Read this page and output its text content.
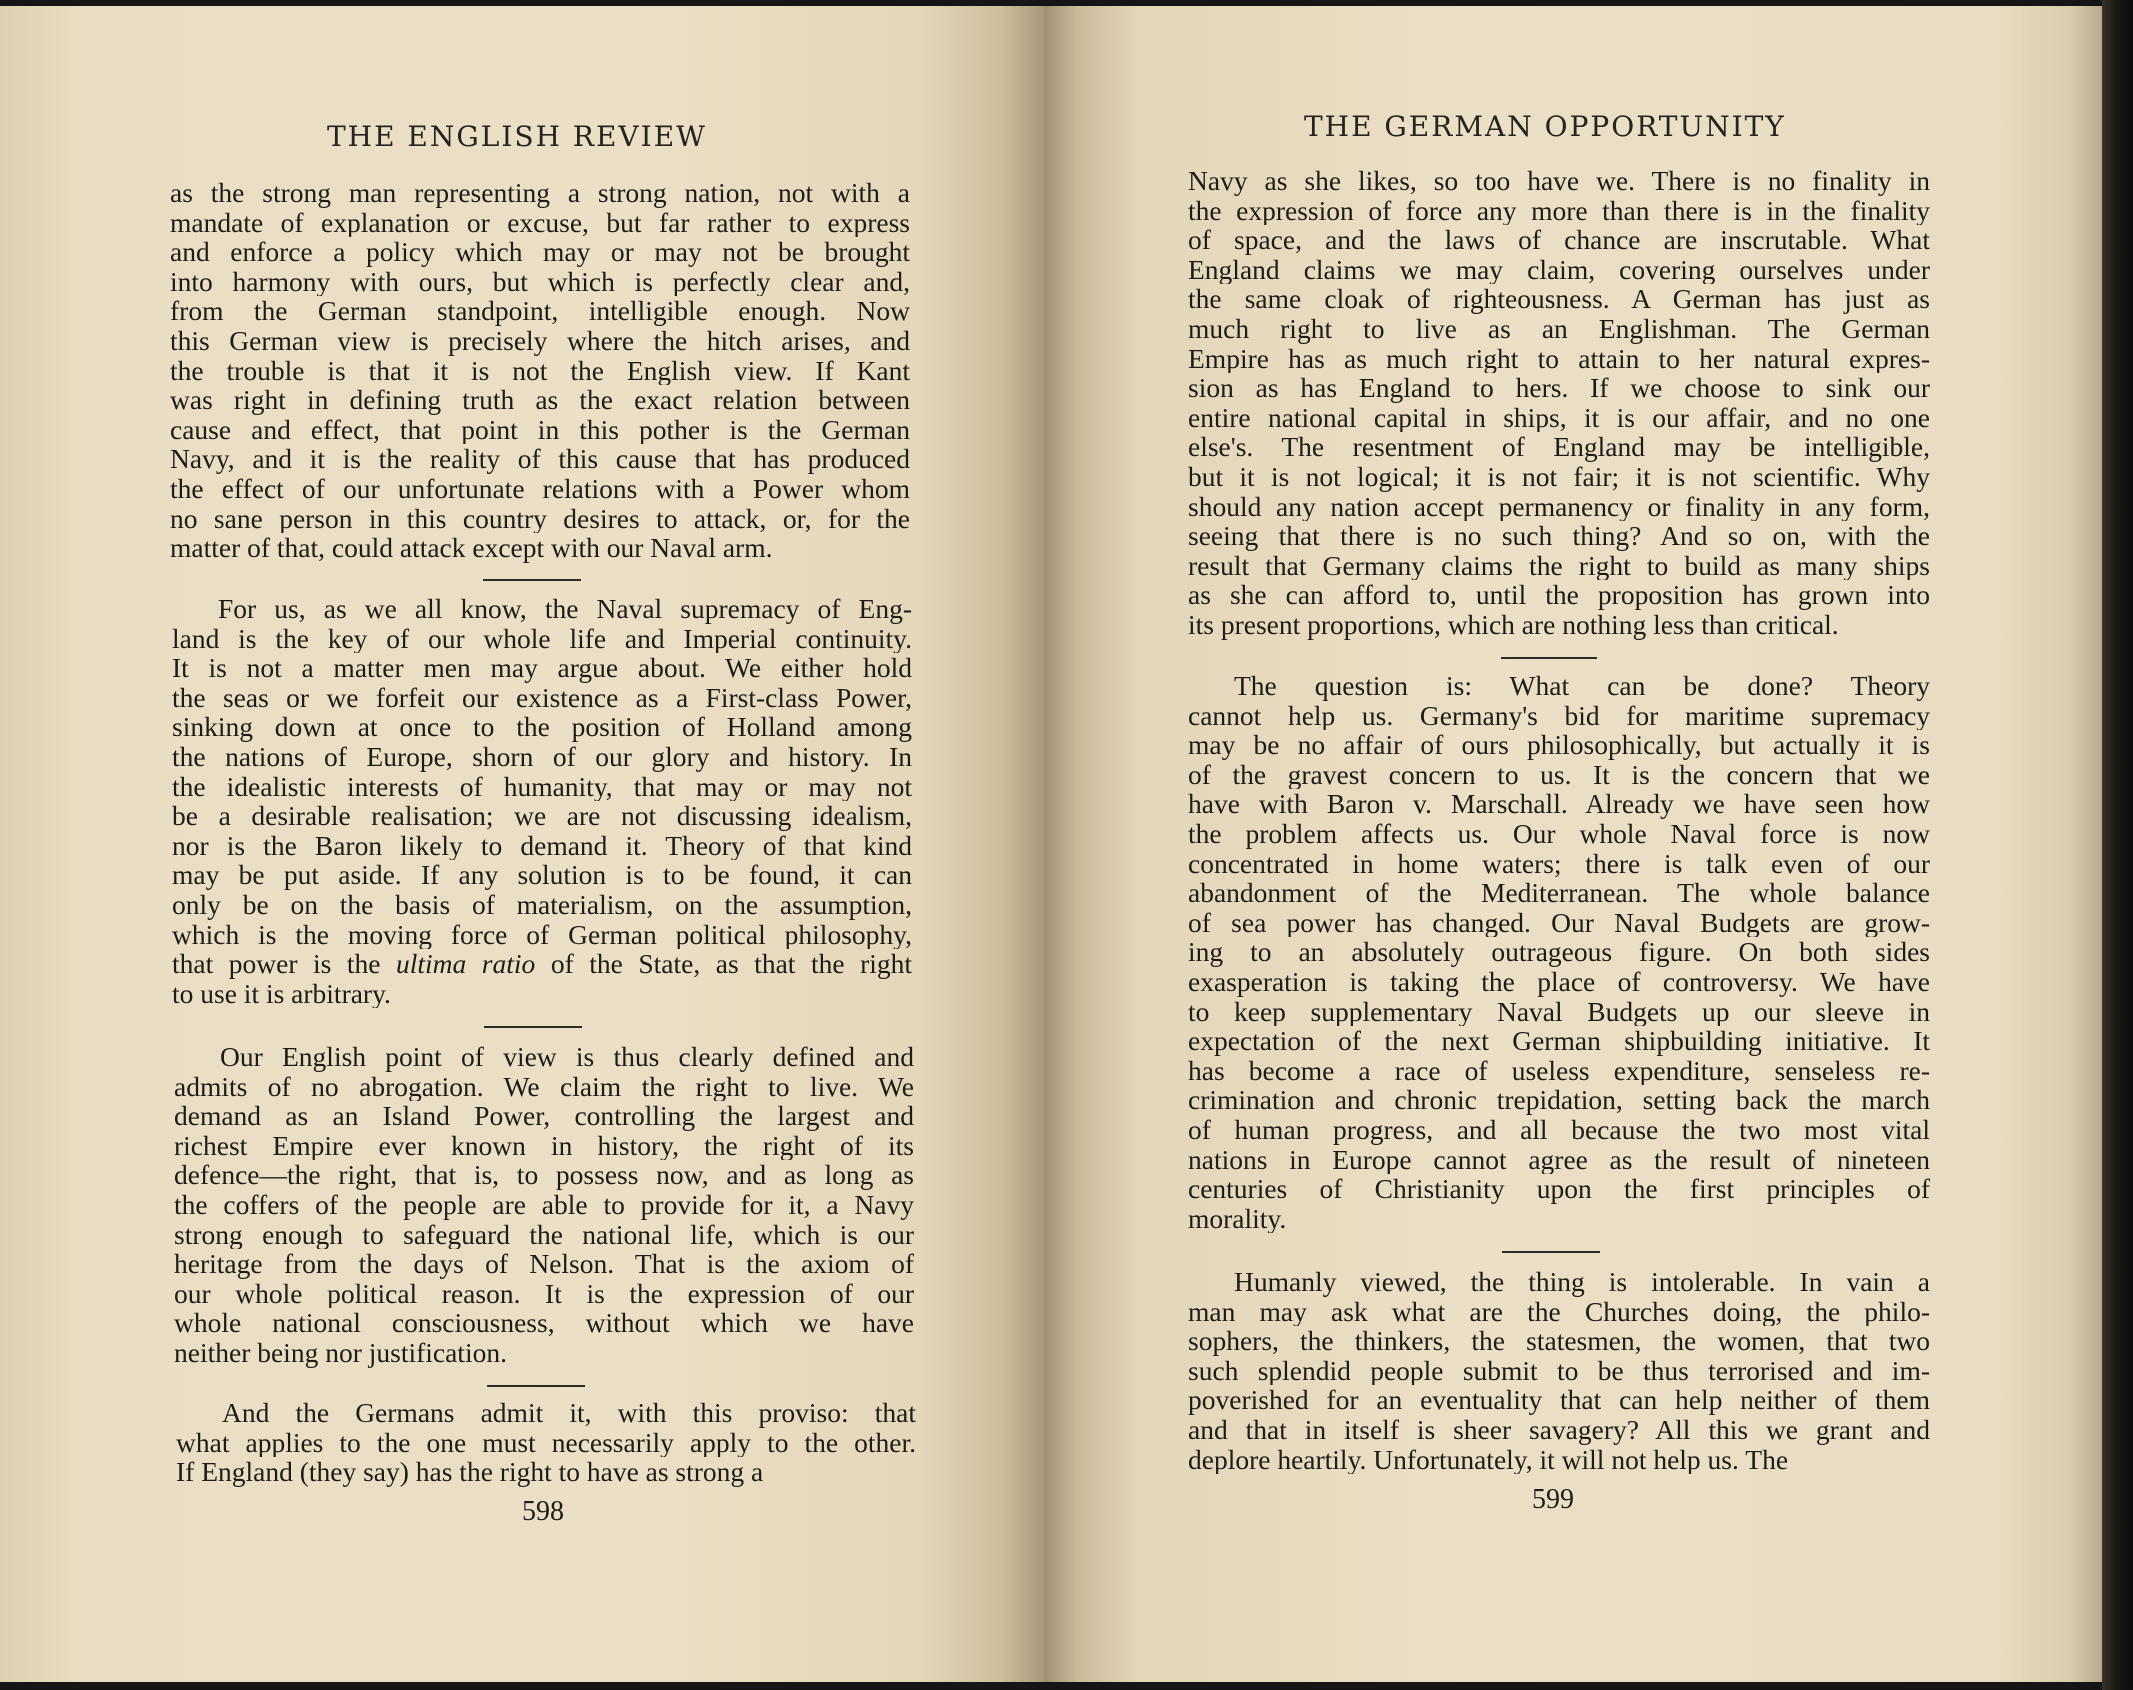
THE ENGLISH REVIEW
as the strong man representing a strong nation, not with a
mandate of explanation or excuse, but far rather to express
and enforce a policy which may or may not be brought
into harmony with ours, but which is perfectly clear and,
from the German standpoint, intelligible enough. Now
this German view is precisely where the hitch arises, and
the trouble is that it is not the English view. If Kant
was right in defining truth as the exact relation between
cause and effect, that point in this pother is the German
Navy, and it is the reality of this cause that has produced
the effect of our unfortunate relations with a Power whom
no sane person in this country desires to attack, or, for the
matter of that, could attack except with our Naval arm.
For us, as we all know, the Naval supremacy of Eng-
land is the key of our whole life and Imperial continuity.
It is not a matter men may argue about. We either hold
the seas or we forfeit our existence as a First-class Power,
sinking down at once to the position of Holland among
the nations of Europe, shorn of our glory and history. In
the idealistic interests of humanity, that may or may not
be a desirable realisation; we are not discussing idealism,
nor is the Baron likely to demand it. Theory of that kind
may be put aside. If any solution is to be found, it can
only be on the basis of materialism, on the assumption,
which is the moving force of German political philosophy,
that power is the ultima ratio of the State, as that the right
to use it is arbitrary.
Our English point of view is thus clearly defined and
admits of no abrogation. We claim the right to live. We
demand as an Island Power, controlling the largest and
richest Empire ever known in history, the right of its
defence—the right, that is, to possess now, and as long as
the coffers of the people are able to provide for it, a Navy
strong enough to safeguard the national life, which is our
heritage from the days of Nelson. That is the axiom of
our whole political reason. It is the expression of our
whole national consciousness, without which we have
neither being nor justification.
And the Germans admit it, with this proviso: that
what applies to the one must necessarily apply to the other.
If England (they say) has the right to have as strong a
598
THE GERMAN OPPORTUNITY
Navy as she likes, so too have we. There is no finality in
the expression of force any more than there is in the finality
of space, and the laws of chance are inscrutable. What
England claims we may claim, covering ourselves under
the same cloak of righteousness. A German has just as
much right to live as an Englishman. The German
Empire has as much right to attain to her natural expres-
sion as has England to hers. If we choose to sink our
entire national capital in ships, it is our affair, and no one
else's. The resentment of England may be intelligible,
but it is not logical; it is not fair; it is not scientific. Why
should any nation accept permanency or finality in any form,
seeing that there is no such thing? And so on, with the
result that Germany claims the right to build as many ships
as she can afford to, until the proposition has grown into
its present proportions, which are nothing less than critical.
The question is: What can be done? Theory
cannot help us. Germany's bid for maritime supremacy
may be no affair of ours philosophically, but actually it is
of the gravest concern to us. It is the concern that we
have with Baron v. Marschall. Already we have seen how
the problem affects us. Our whole Naval force is now
concentrated in home waters; there is talk even of our
abandonment of the Mediterranean. The whole balance
of sea power has changed. Our Naval Budgets are grow-
ing to an absolutely outrageous figure. On both sides
exasperation is taking the place of controversy. We have
to keep supplementary Naval Budgets up our sleeve in
expectation of the next German shipbuilding initiative. It
has become a race of useless expenditure, senseless re-
crimination and chronic trepidation, setting back the march
of human progress, and all because the two most vital
nations in Europe cannot agree as the result of nineteen
centuries of Christianity upon the first principles of
morality.
Humanly viewed, the thing is intolerable. In vain a
man may ask what are the Churches doing, the philo-
sophers, the thinkers, the statesmen, the women, that two
such splendid people submit to be thus terrorised and im-
poverished for an eventuality that can help neither of them
and that in itself is sheer savagery? All this we grant and
deplore heartily. Unfortunately, it will not help us. The
599
